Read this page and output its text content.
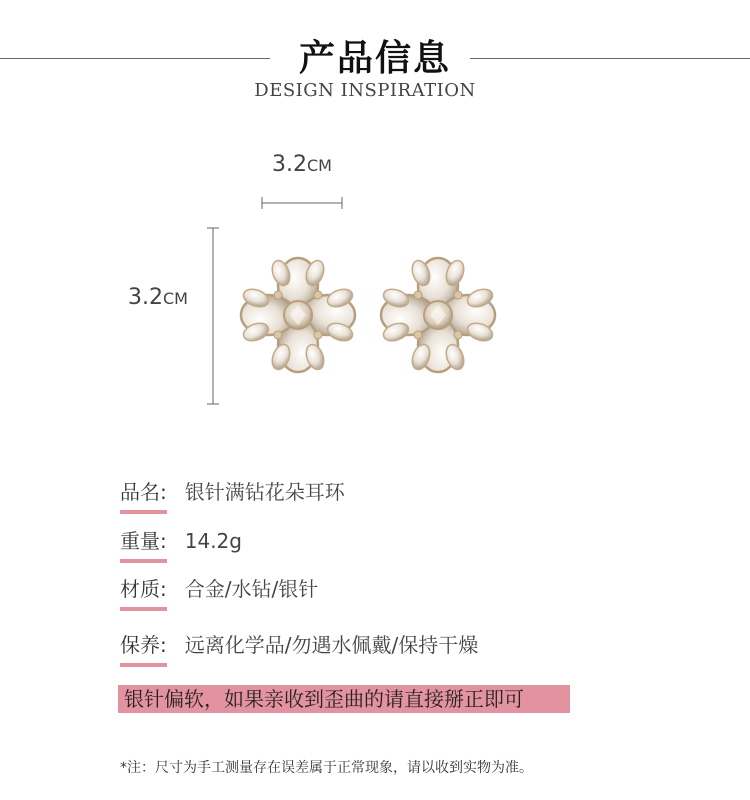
产品信息
DESIGN INSPIRATION
3.2CM
3.2CM
品名: 银针满钻花朵耳环
重量: 14.2g
材质: 合金/水钻/银针
保养: 远离化学品/勿遇水佩戴/保持干燥
银针偏软，如果亲收到歪曲的请直接掰正即可
*注：尺寸为手工测量存在误差属于正常现象，请以收到实物为准。
